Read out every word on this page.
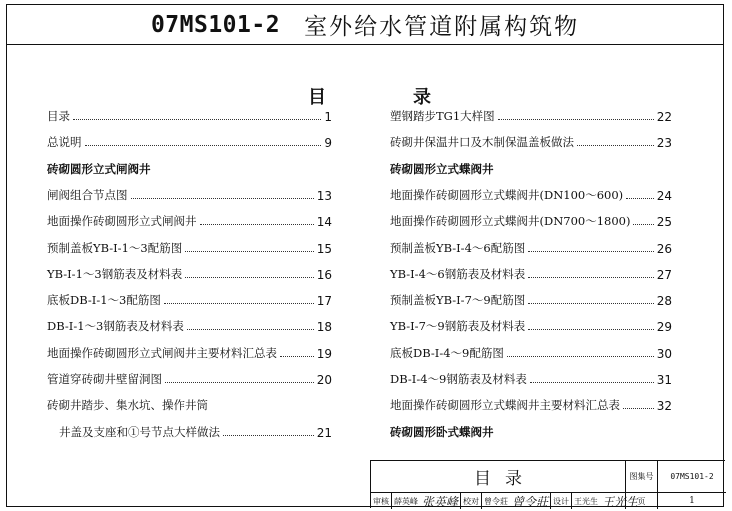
07MS101-2 室外给水管道附属构筑物
目	录
目录	1
总说明	9
砖砌圆形立式闸阀井
闸阀组合节点图	13
地面操作砖砌圆形立式闸阀井	14
预制盖板YB-Ⅰ-1～3配筋图	15
YB-Ⅰ-1～3钢筋表及材料表	16
底板DB-Ⅰ-1～3配筋图	17
DB-Ⅰ-1～3钢筋表及材料表	18
地面操作砖砌圆形立式闸阀井主要材料汇总表	19
管道穿砖砌井壁留洞图	20
砖砌井踏步、集水坑、操作井筒
井盖及支座和①号节点大样做法	21
塑钢踏步TG1大样图	22
砖砌井保温井口及木制保温盖板做法	23
砖砌圆形立式蝶阀井
地面操作砖砌圆形立式蝶阀井(DN100～600)	24
地面操作砖砌圆形立式蝶阀井(DN700～1800) 25
预制盖板YB-Ⅰ-4～6配筋图	26
YB-Ⅰ-4～6钢筋表及材料表	27
预制盖板YB-Ⅰ-7～9配筋图	28
YB-Ⅰ-7～9钢筋表及材料表	29
底板DB-Ⅰ-4～9配筋图	30
DB-Ⅰ-4～9钢筋表及材料表	31
地面操作砖砌圆形立式蝶阀井主要材料汇总表	32
砖砌圆形卧式蝶阀井
目录	图集号	07MS101-2
审核 薛英峰 张英峰 校对 曾令莊 曾令莊 设计 王光生 王光生 页	1
